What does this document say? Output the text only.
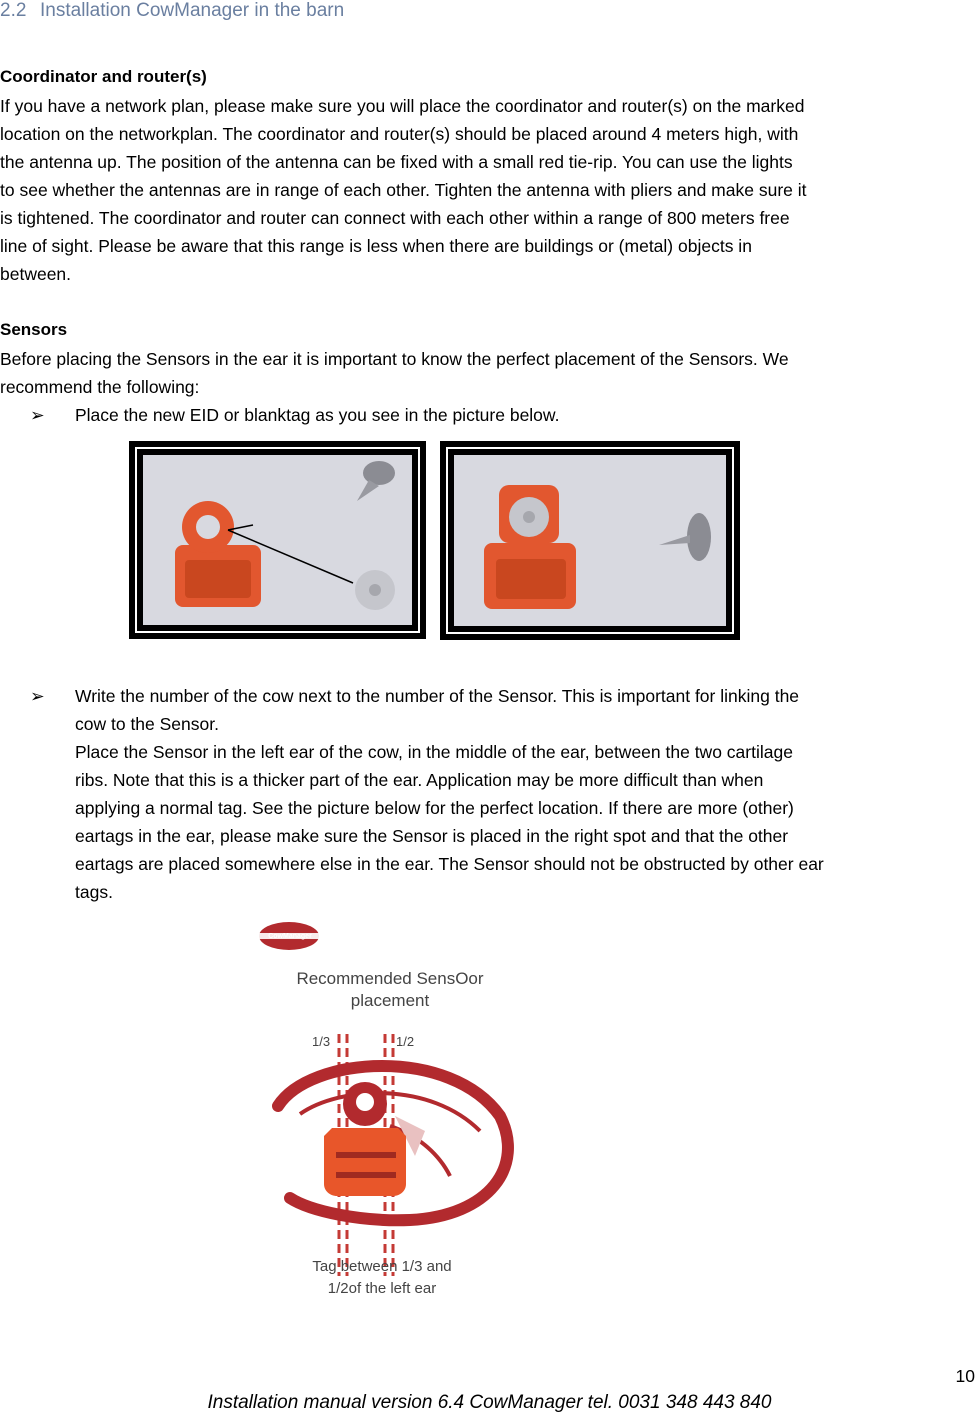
2.2 Installation CowManager in the barn
Coordinator and router(s)
If you have a network plan, please make sure you will place the coordinator and router(s) on the marked
location on the networkplan. The coordinator and router(s) should be placed around 4 meters high, with
the antenna up. The position of the antenna can be fixed with a small red tie-rip. You can use the lights
to see whether the antennas are in range of each other. Tighten the antenna with pliers and make sure it
is tightened. The coordinator and router can connect with each other within a range of 800 meters free
line of sight. Please be aware that this range is less when there are buildings or (metal) objects in
between.
Sensors
Before placing the Sensors in the ear it is important to know the perfect placement of the Sensors. We
recommend the following:
➢ Place the new EID or blanktag as you see in the picture below.
➢ Write the number of the cow next to the number of the Sensor. This is important for linking the
cow to the Sensor.
Place the Sensor in the left ear of the cow, in the middle of the ear, between the two cartilage
ribs. Note that this is a thicker part of the ear. Application may be more difficult than when
applying a normal tag. See the picture below for the perfect location. If there are more (other)
eartags in the ear, please make sure the Sensor is placed in the right spot and that the other
eartags are placed somewhere else in the ear. The Sensor should not be obstructed by other ear
tags.
CowManager
Recommended SensOor
placement
1/3	1/2
Tag between 1/3 and
1/2of the left ear
10
Installation manual version 6.4 CowManager tel. 0031 348 443 840
